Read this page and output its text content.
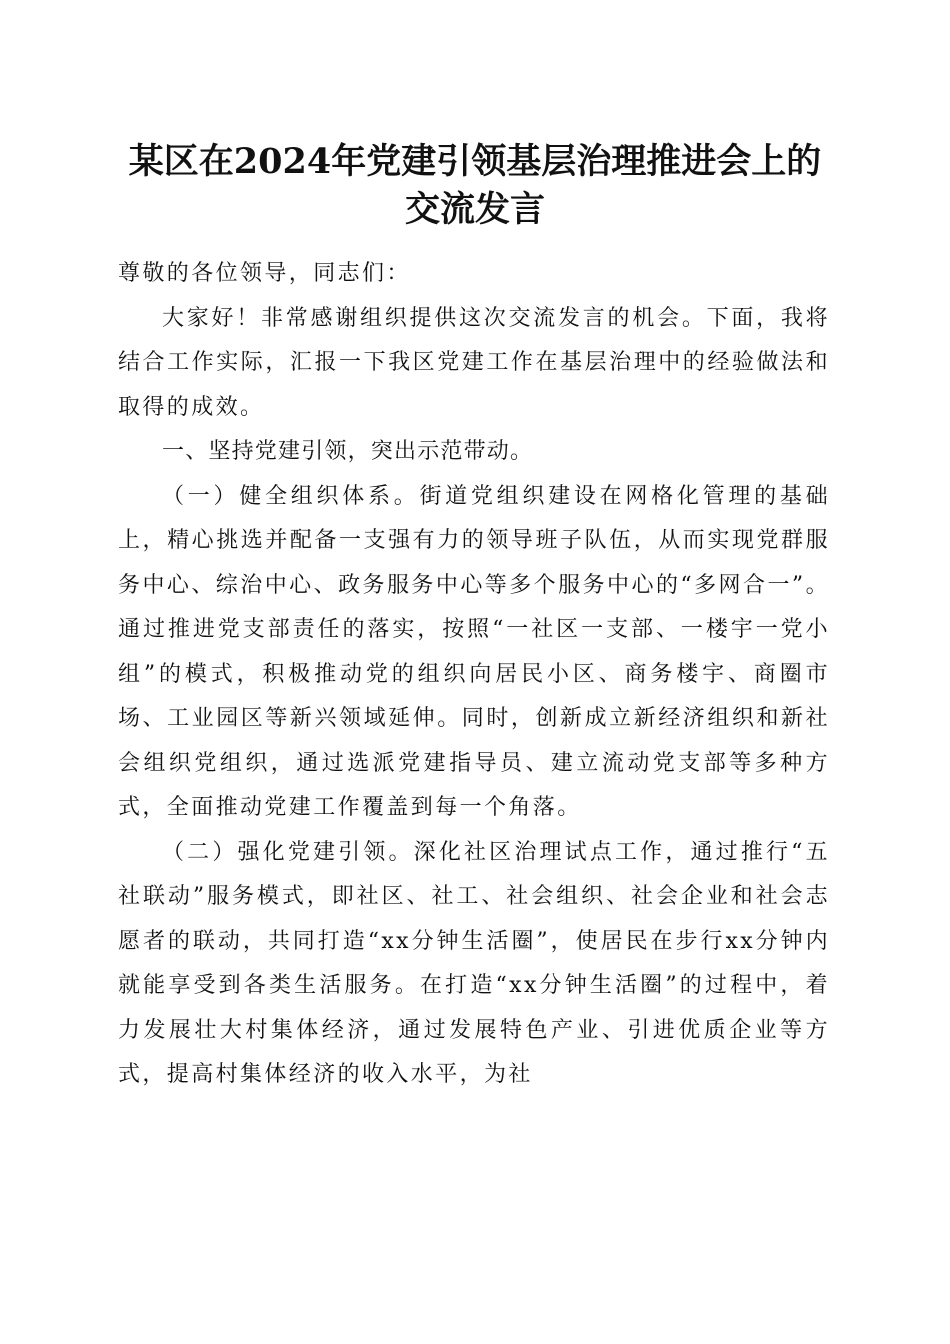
某区在2024年党建引领基层治理推进会上的
交流发言

尊敬的各位领导，同志们：

大家好！非常感谢组织提供这次交流发言的机会。下面，我将结合工作实际，汇报一下我区党建工作在基层治理中的经验做法和取得的成效。

一、坚持党建引领，突出示范带动。

（一）健全组织体系。街道党组织建设在网格化管理的基础上，精心挑选并配备一支强有力的领导班子队伍，从而实现党群服务中心、综治中心、政务服务中心等多个服务中心的“多网合一”。通过推进党支部责任的落实，按照“一社区一支部、一楼宇一党小组”的模式，积极推动党的组织向居民小区、商务楼宇、商圈市场、工业园区等新兴领域延伸。同时，创新成立新经济组织和新社会组织党组织，通过选派党建指导员、建立流动党支部等多种方式，全面推动党建工作覆盖到每一个角落。

（二）强化党建引领。深化社区治理试点工作，通过推行“五社联动”服务模式，即社区、社工、社会组织、社会企业和社会志愿者的联动，共同打造“xx分钟生活圈”，使居民在步行xx分钟内就能享受到各类生活服务。在打造“xx分钟生活圈”的过程中，着力发展壮大村集体经济，通过发展特色产业、引进优质企业等方式，提高村集体经济的收入水平，为社
